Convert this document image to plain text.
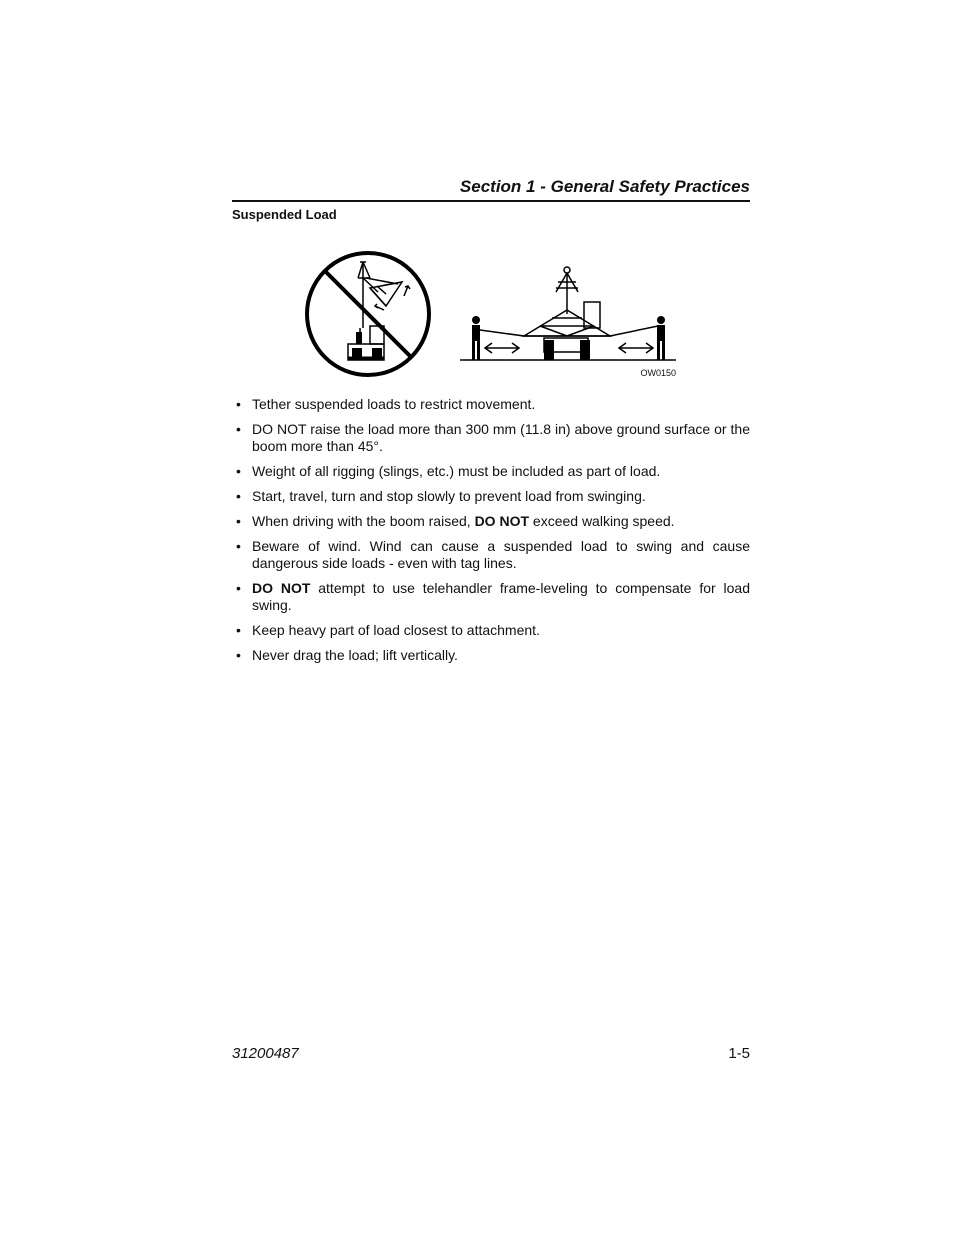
Section 1 - General Safety Practices
Suspended Load
OW0150
• Tether suspended loads to restrict movement.
• DO NOT raise the load more than 300 mm (11.8 in) above ground surface or the boom more than 45°.
• Weight of all rigging (slings, etc.) must be included as part of load.
• Start, travel, turn and stop slowly to prevent load from swinging.
• When driving with the boom raised, DO NOT exceed walking speed.
• Beware of wind. Wind can cause a suspended load to swing and cause dangerous side loads - even with tag lines.
• DO NOT attempt to use telehandler frame-leveling to compensate for load swing.
• Keep heavy part of load closest to attachment.
• Never drag the load; lift vertically.
31200487	1-5
